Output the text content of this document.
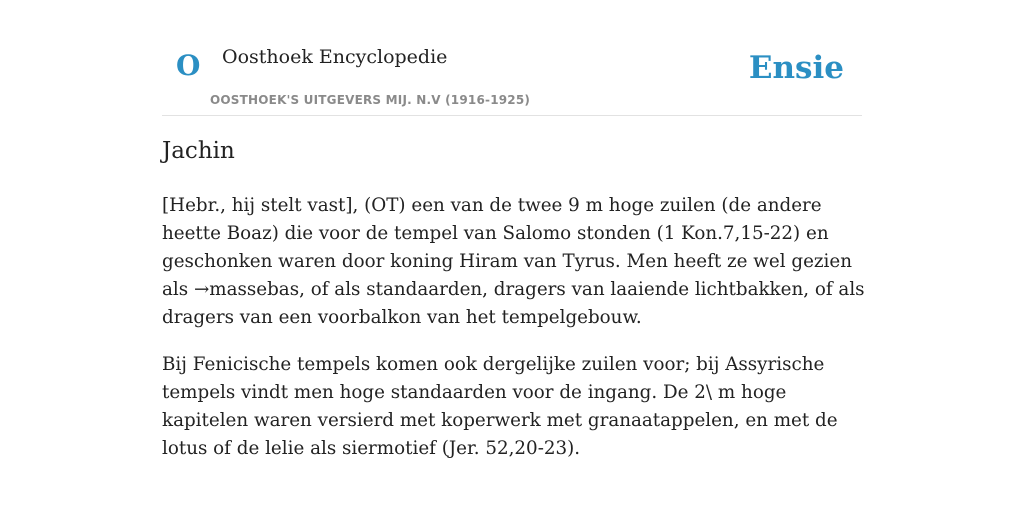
O Oosthoek Encyclopedie
OOSTHOEK'S UITGEVERS MIJ. N.V (1916-1925)
Ensie
Jachin

[Hebr., hij stelt vast], (OT) een van de twee 9 m hoge zuilen (de andere heette Boaz) die voor de tempel van Salomo stonden (1 Kon.7,15-22) en geschonken waren door koning Hiram van Tyrus. Men heeft ze wel gezien als →massebas, of als standaarden, dragers van laaiende lichtbakken, of als dragers van een voorbalkon van het tempelgebouw.

Bij Fenicische tempels komen ook dergelijke zuilen voor; bij Assyrische tempels vindt men hoge standaarden voor de ingang. De 2\ m hoge kapitelen waren versierd met koperwerk met granaatappelen, en met de lotus of de lelie als siermotief (Jer. 52,20-23).
